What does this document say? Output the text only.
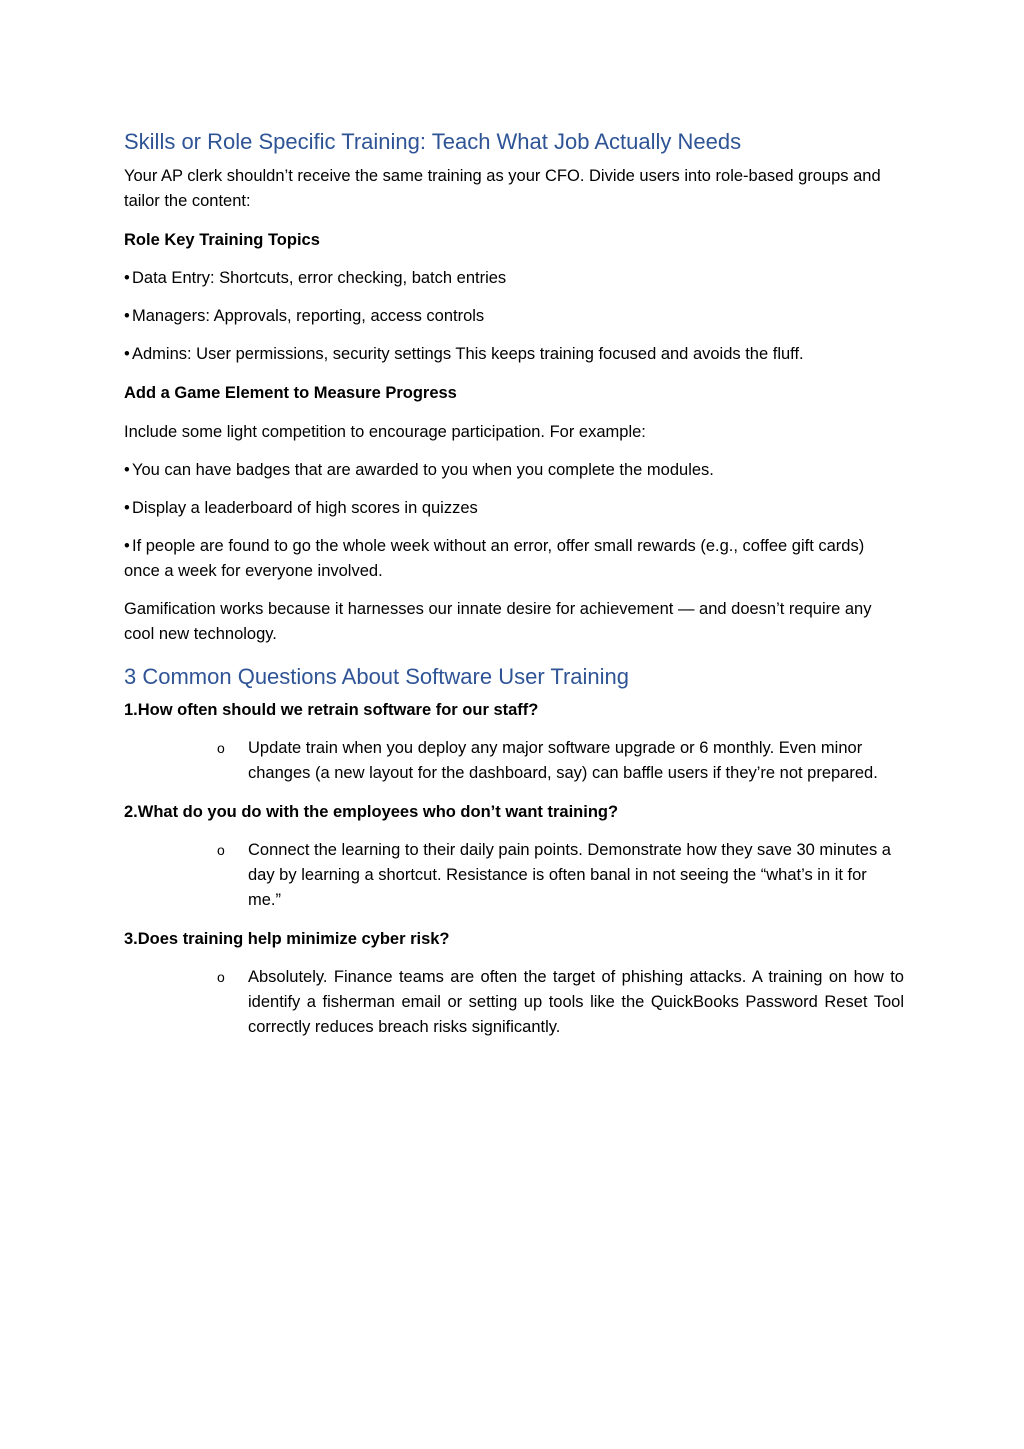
Skills or Role Specific Training: Teach What Job Actually Needs

Your AP clerk shouldn’t receive the same training as your CFO. Divide users into role-based groups and tailor the content:

Role Key Training Topics

• Data Entry: Shortcuts, error checking, batch entries

• Managers: Approvals, reporting, access controls

• Admins: User permissions, security settings This keeps training focused and avoids the fluff.

Add a Game Element to Measure Progress

Include some light competition to encourage participation. For example:

• You can have badges that are awarded to you when you complete the modules.

• Display a leaderboard of high scores in quizzes

• If people are found to go the whole week without an error, offer small rewards (e.g., coffee gift cards) once a week for everyone involved.

Gamification works because it harnesses our innate desire for achievement — and doesn’t require any cool new technology.

3 Common Questions About Software User Training

1.How often should we retrain software for our staff?

o Update train when you deploy any major software upgrade or 6 monthly. Even minor changes (a new layout for the dashboard, say) can baffle users if they’re not prepared.

2.What do you do with the employees who don’t want training?

o Connect the learning to their daily pain points. Demonstrate how they save 30 minutes a day by learning a shortcut. Resistance is often banal in not seeing the “what’s in it for me.”

3.Does training help minimize cyber risk?

o Absolutely. Finance teams are often the target of phishing attacks. A training on how to identify a fisherman email or setting up tools like the QuickBooks Password Reset Tool correctly reduces breach risks significantly.
